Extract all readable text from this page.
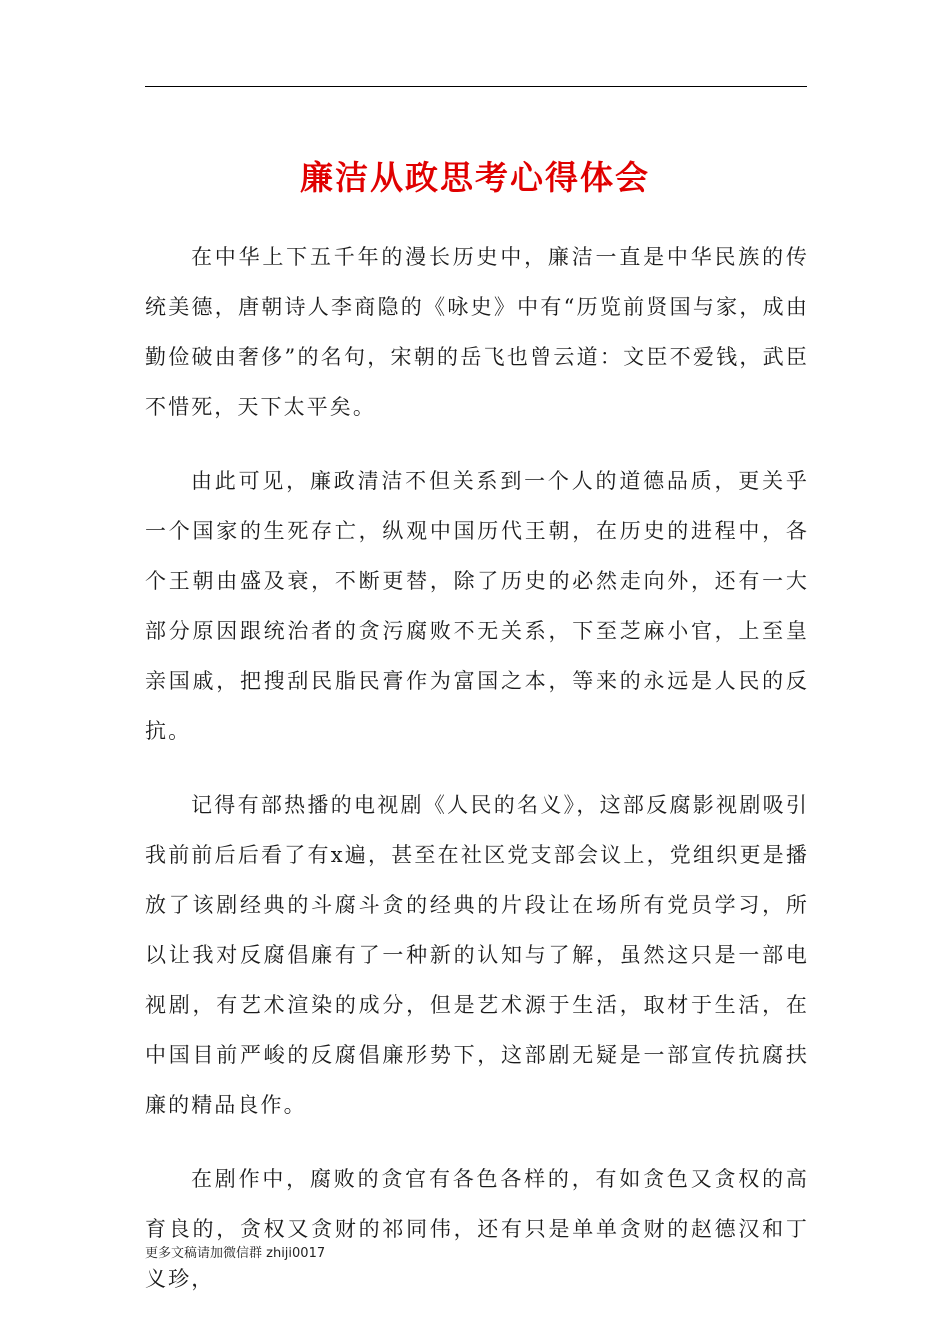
廉洁从政思考心得体会

在中华上下五千年的漫长历史中，廉洁一直是中华民族的传统美德，唐朝诗人李商隐的《咏史》中有“历览前贤国与家，成由勤俭破由奢侈”的名句，宋朝的岳飞也曾云道：文臣不爱钱，武臣不惜死，天下太平矣。

由此可见，廉政清洁不但关系到一个人的道德品质，更关乎一个国家的生死存亡，纵观中国历代王朝，在历史的进程中，各个王朝由盛及衰，不断更替，除了历史的必然走向外，还有一大部分原因跟统治者的贪污腐败不无关系，下至芝麻小官，上至皇亲国戚，把搜刮民脂民膏作为富国之本，等来的永远是人民的反抗。

记得有部热播的电视剧《人民的名义》，这部反腐影视剧吸引我前前后后看了有x遍，甚至在社区党支部会议上，党组织更是播放了该剧经典的斗腐斗贪的经典的片段让在场所有党员学习，所以让我对反腐倡廉有了一种新的认知与了解，虽然这只是一部电视剧，有艺术渲染的成分，但是艺术源于生活，取材于生活，在中国目前严峻的反腐倡廉形势下，这部剧无疑是一部宣传抗腐扶廉的精品良作。

在剧作中，腐败的贪官有各色各样的，有如贪色又贪权的高育良的，贪权又贪财的祁同伟，还有只是单单贪财的赵德汉和丁义珍，

更多文稿请加微信群 zhiji0017
